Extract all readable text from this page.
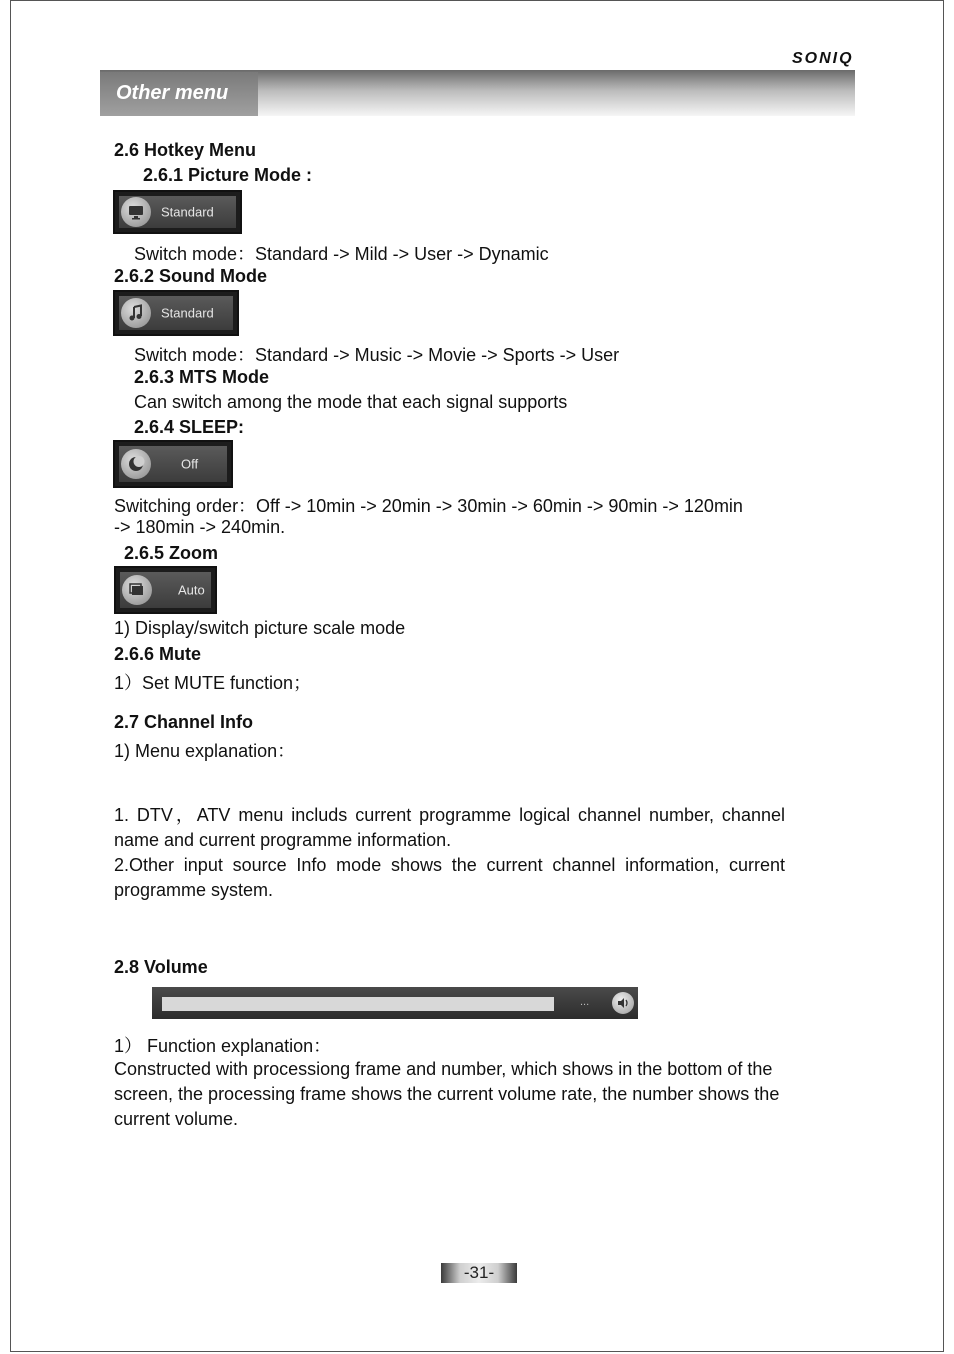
SONIQ
Other menu
2.6 Hotkey Menu
2.6.1 Picture Mode :
Standard
Switch mode：Standard -> Mild -> User -> Dynamic
2.6.2 Sound Mode
Standard
Switch mode：Standard -> Music -> Movie -> Sports -> User
2.6.3 MTS Mode
Can switch among the mode that each signal supports
2.6.4 SLEEP:
Off
Switching order：Off -> 10min -> 20min -> 30min -> 60min -> 90min -> 120min
-> 180min -> 240min.
2.6.5 Zoom
Auto
1) Display/switch picture scale mode
2.6.6 Mute
1）Set MUTE function；
2.7 Channel Info
1) Menu explanation：
1. DTV，ATV menu includs current programme logical channel number, channel name and current programme information.
2.Other input source Info mode shows the current channel information, current programme system.
2.8 Volume
...
1） Function explanation：
Constructed with processiong frame and number, which shows in the bottom of the screen, the processing frame shows the current volume rate, the number shows the current volume.
-31-
